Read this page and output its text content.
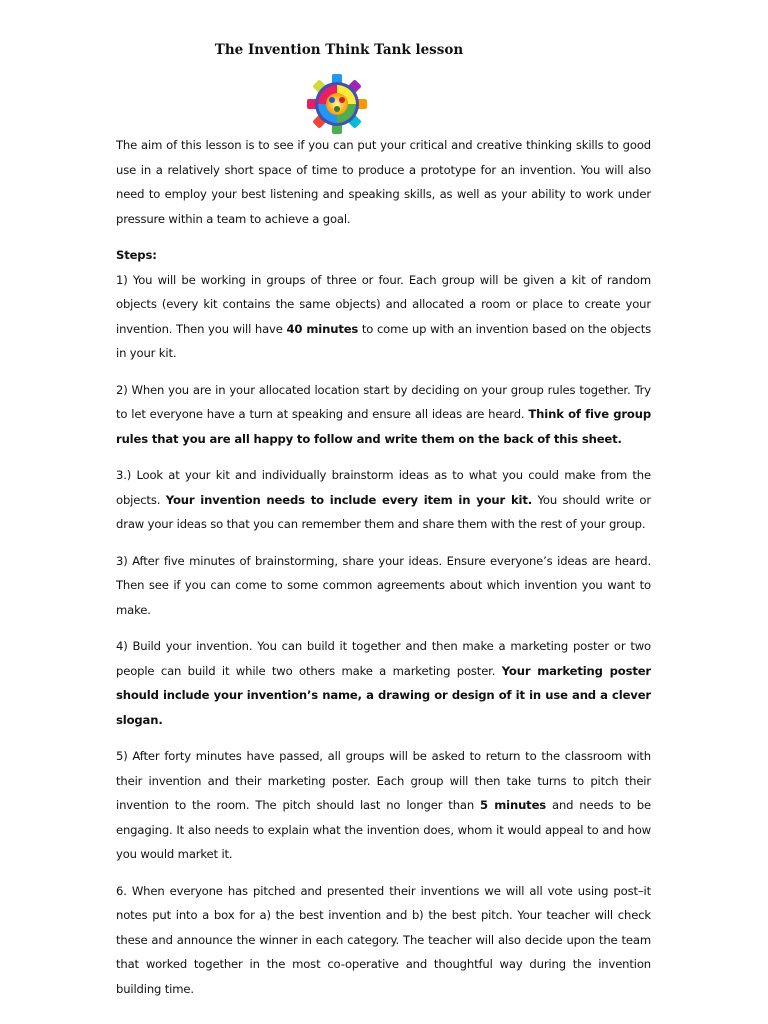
The Invention Think Tank lesson

The aim of this lesson is to see if you can put your critical and creative thinking skills to good use in a relatively short space of time to produce a prototype for an invention. You will also need to employ your best listening and speaking skills, as well as your ability to work under pressure within a team to achieve a goal.

Steps:

1) You will be working in groups of three or four. Each group will be given a kit of random objects (every kit contains the same objects) and allocated a room or place to create your invention. Then you will have 40 minutes to come up with an invention based on the objects in your kit.

2) When you are in your allocated location start by deciding on your group rules together. Try to let everyone have a turn at speaking and ensure all ideas are heard. Think of five group rules that you are all happy to follow and write them on the back of this sheet.

3.) Look at your kit and individually brainstorm ideas as to what you could make from the objects. Your invention needs to include every item in your kit. You should write or draw your ideas so that you can remember them and share them with the rest of your group.

3) After five minutes of brainstorming, share your ideas. Ensure everyone’s ideas are heard. Then see if you can come to some common agreements about which invention you want to make.

4) Build your invention. You can build it together and then make a marketing poster or two people can build it while two others make a marketing poster. Your marketing poster should include your invention’s name, a drawing or design of it in use and a clever slogan.

5) After forty minutes have passed, all groups will be asked to return to the classroom with their invention and their marketing poster. Each group will then take turns to pitch their invention to the room. The pitch should last no longer than 5 minutes and needs to be engaging. It also needs to explain what the invention does, whom it would appeal to and how you would market it.

6. When everyone has pitched and presented their inventions we will all vote using post–it notes put into a box for a) the best invention and b) the best pitch. Your teacher will check these and announce the winner in each category. The teacher will also decide upon the team that worked together in the most co-operative and thoughtful way during the invention building time.
